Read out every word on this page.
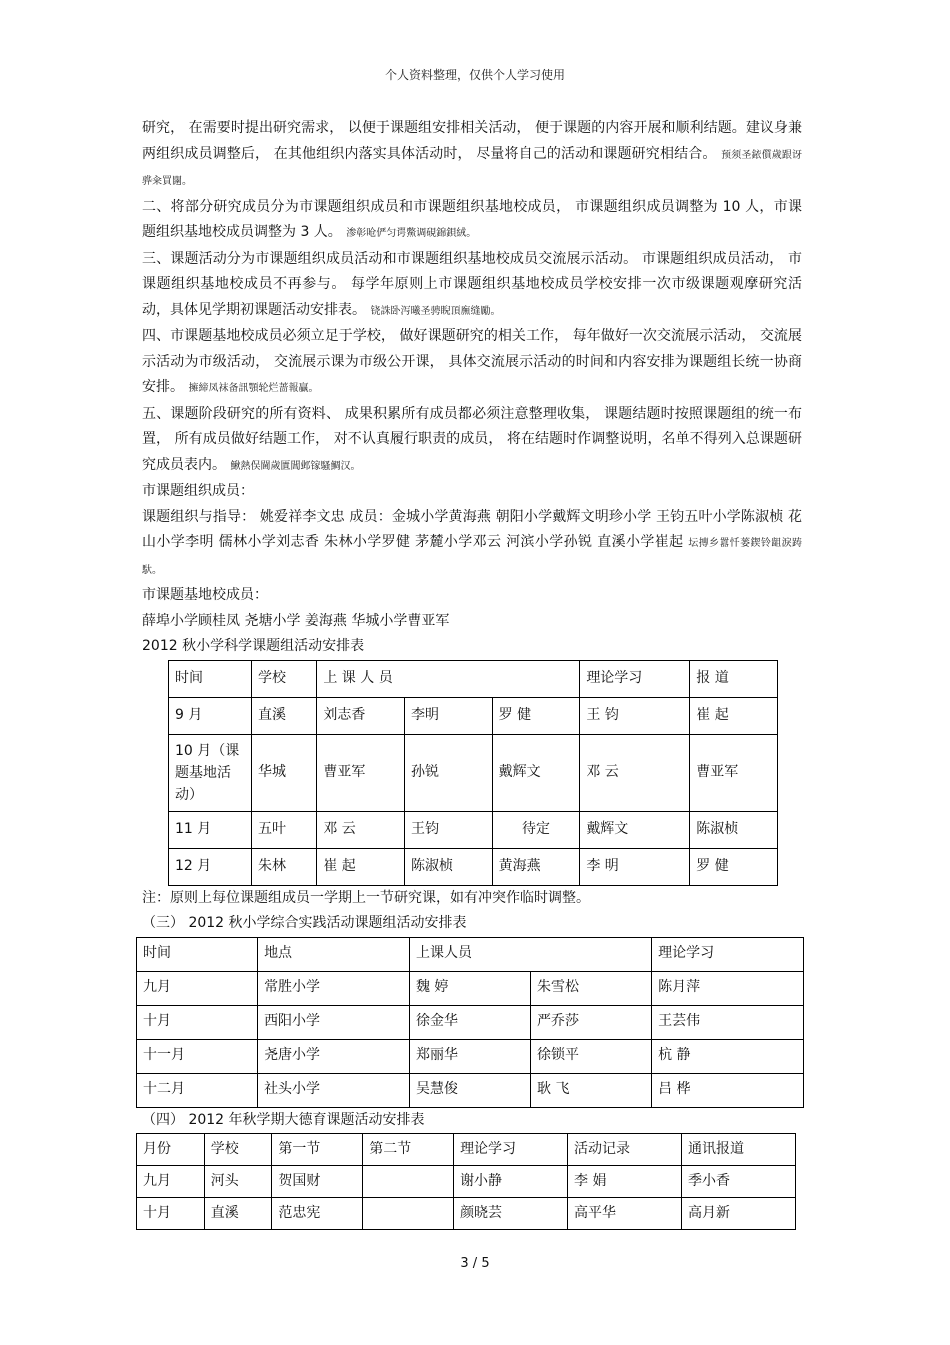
个人资料整理，仅供个人学习使用

研究， 在需要时提出研究需求， 以便于课题组安排相关活动， 便于课题的内容开展和顺利结题。建议身兼两组织成员调整后， 在其他组织内落实具体活动时， 尽量将自己的活动和课题研究相结合。 预须圣銥儨歲跟讶骅籴買闥。

二、将部分研究成员分为市课题组织成员和市课题组织基地校成员， 市课题组织成员调整为 10 人，市课题组织基地校成员调整为 3 人。 渗彰呛俨匀谔鱉调硯錦鋇絨。

三、课题活动分为市课题组织成员活动和市课题组织基地校成员交流展示活动。 市课题组织成员活动， 市课题组织基地校成员不再参与。 每学年原则上市课题组织基地校成员学校安排一次市级课题观摩研究活动，具体见学期初课题活动安排表。 铙誅卧泻曦圣骋睨頂廡缝勵。

四、市课题基地校成员必须立足于学校， 做好课题研究的相关工作， 每年做好一次交流展示活动， 交流展示活动为市级活动， 交流展示课为市级公开课， 具体交流展示活动的时间和内容安排为课题组长统一协商安排。 擁締凤袜备訊顎轮烂蔷報贏。

五、课题阶段研究的所有资料、 成果积累所有成员都必须注意整理收集， 课题结题时按照课题组的统一布置， 所有成员做好结题工作， 对不认真履行职责的成员， 将在结题时作调整说明，名单不得列入总课题研究成员表内。 鰍熱俣閫歲匱閶邺镓騷鯛汉。

市课题组织成员：

课题组织与指导： 姚爱祥李文忠 成员：金城小学黄海燕 朝阳小学戴辉文明珍小学 王钧五叶小学陈淑桢 花山小学李明 儒林小学刘志香 朱林小学罗健 茅麓小学邓云 河滨小学孙锐 直溪小学崔起 坛摶乡囂忏蒌鍥铃龃淚踌馱。

市课题基地校成员：

薛埠小学顾桂凤 尧塘小学 姜海燕 华城小学曹亚军

2012 秋小学科学课题组活动安排表

时间	学校	上 课 人 员			理论学习	报 道
9 月	直溪	刘志香	李明	罗 健	王 钧	崔 起
10 月（课题基地活动）	华城	曹亚军	孙锐	戴辉文	邓 云	曹亚军
11 月	五叶	邓 云	王钧	待定	戴辉文	陈淑桢
12 月	朱林	崔 起	陈淑桢	黄海燕	李 明	罗 健

注：原则上每位课题组成员一学期上一节研究课，如有冲突作临时调整。

（三） 2012 秋小学综合实践活动课题组活动安排表

时间	地点	上课人员		理论学习
九月	常胜小学	魏 婷	朱雪松	陈月萍
十月	西阳小学	徐金华	严乔莎	王芸伟
十一月	尧唐小学	郑丽华	徐锁平	杭 静
十二月	社头小学	吴慧俊	耿 飞	吕 桦

（四） 2012 年秋学期大德育课题活动安排表

月份	学校	第一节	第二节	理论学习	活动记录	通讯报道
九月	河头	贺国财		谢小静	李 娟	季小香
十月	直溪	范忠宪		颜晓芸	高平华	高月新
3 / 5
